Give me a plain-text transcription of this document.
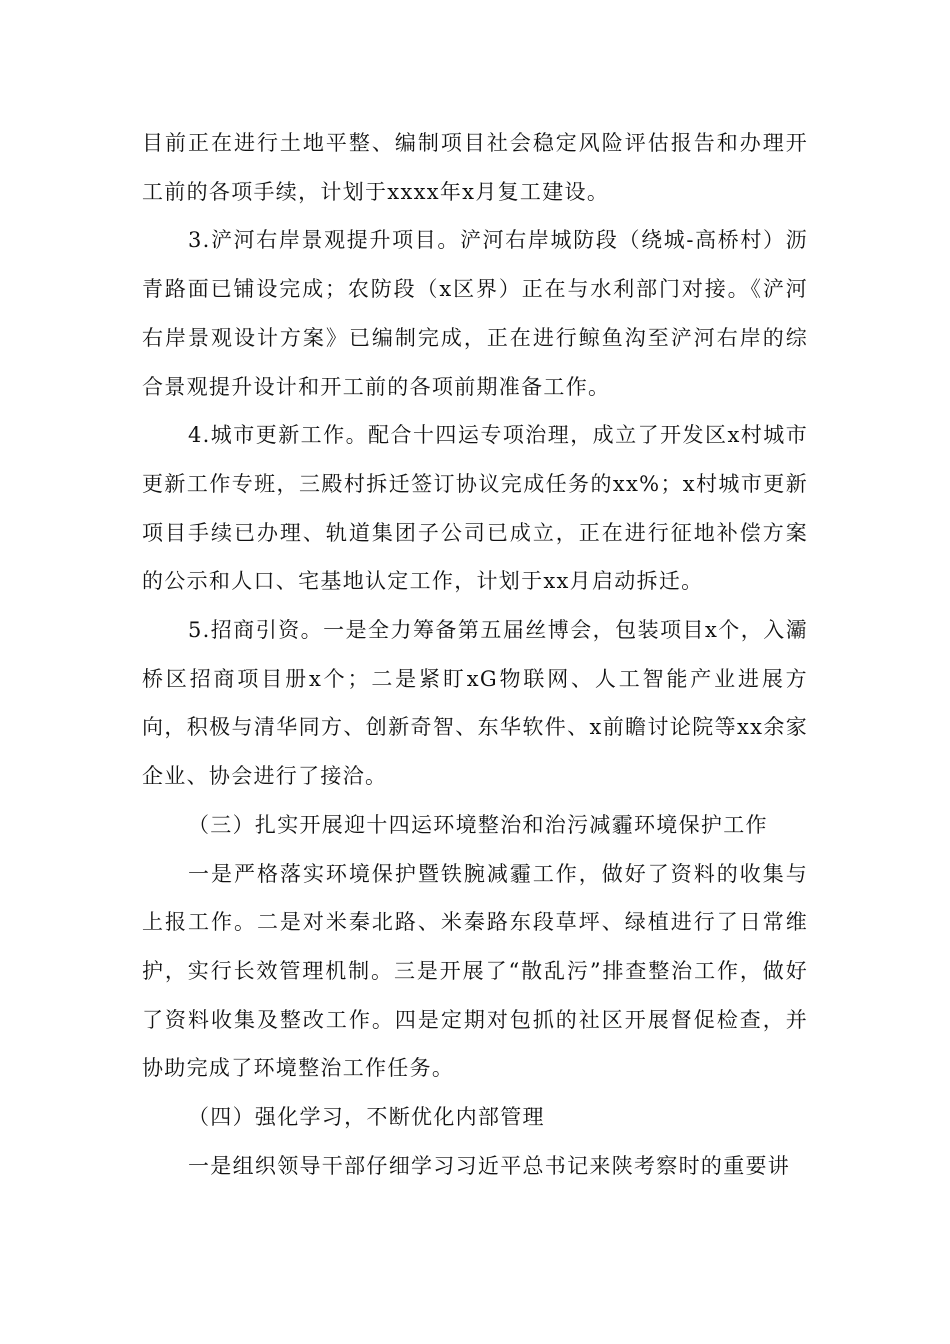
目前正在进行土地平整、编制项目社会稳定风险评估报告和办理开工前的各项手续，计划于xxxx年x月复工建设。

3.浐河右岸景观提升项目。浐河右岸城防段（绕城-高桥村）沥青路面已铺设完成；农防段（x区界）正在与水利部门对接。《浐河右岸景观设计方案》已编制完成，正在进行鲸鱼沟至浐河右岸的综合景观提升设计和开工前的各项前期准备工作。

4.城市更新工作。配合十四运专项治理，成立了开发区x村城市更新工作专班，三殿村拆迁签订协议完成任务的xx%；x村城市更新项目手续已办理、轨道集团子公司已成立，正在进行征地补偿方案的公示和人口、宅基地认定工作，计划于xx月启动拆迁。

5.招商引资。一是全力筹备第五届丝博会，包装项目x个，入灞桥区招商项目册x个；二是紧盯xG物联网、人工智能产业进展方向，积极与清华同方、创新奇智、东华软件、x前瞻讨论院等xx余家企业、协会进行了接洽。

（三）扎实开展迎十四运环境整治和治污减霾环境保护工作

一是严格落实环境保护暨铁腕减霾工作，做好了资料的收集与上报工作。二是对米秦北路、米秦路东段草坪、绿植进行了日常维护，实行长效管理机制。三是开展了“散乱污”排查整治工作，做好了资料收集及整改工作。四是定期对包抓的社区开展督促检查，并协助完成了环境整治工作任务。

（四）强化学习，不断优化内部管理

一是组织领导干部仔细学习习近平总书记来陕考察时的重要讲
